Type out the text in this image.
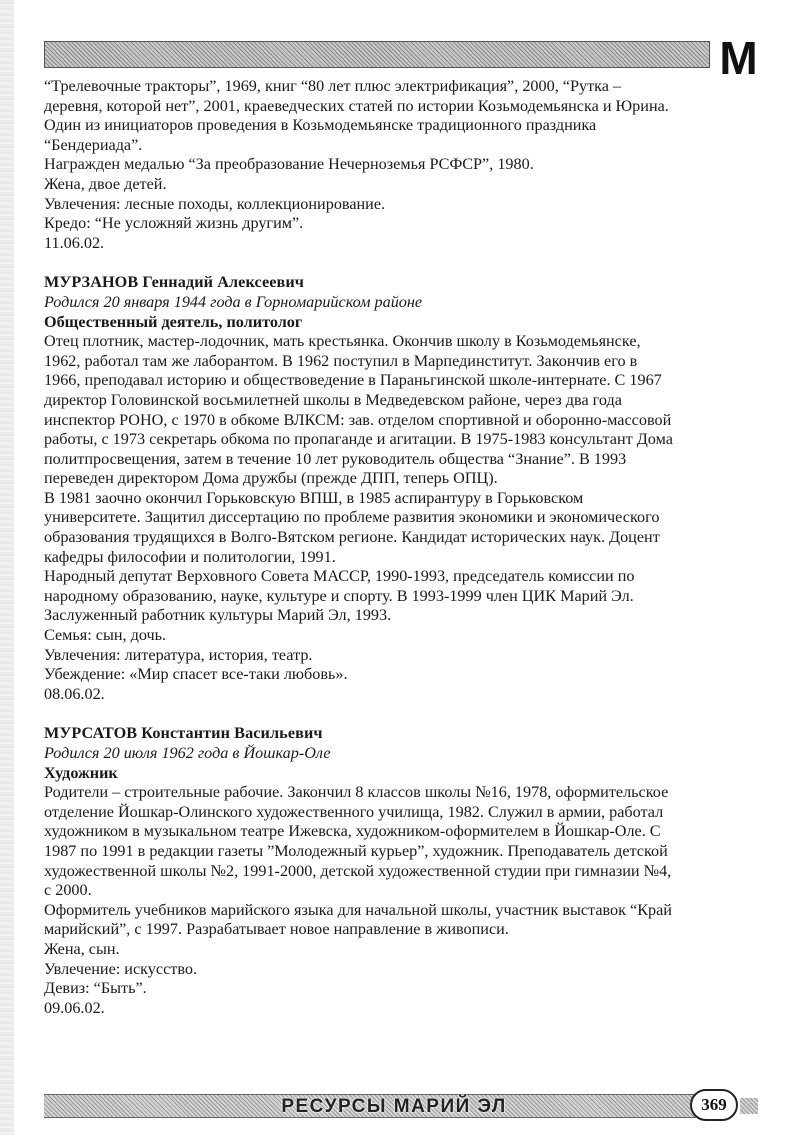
М

“Трелевочные тракторы”, 1969, книг “80 лет плюс электрификация”, 2000, “Рутка –

деревня, которой нет”, 2001, краеведческих статей по истории Козьмодемьянска и Юрина.

Один из инициаторов проведения в Козьмодемьянске традиционного праздника

“Бендериада”.

Награжден медалью “За преобразование Нечерноземья РСФСР”, 1980.

Жена, двое детей.

Увлечения: лесные походы, коллекционирование.

Кредо: “Не усложняй жизнь другим”.

11.06.02.

МУРЗАНОВ Геннадий Алексеевич

Родился 20 января 1944 года в Горномарийском районе

Общественный деятель, политолог

Отец плотник, мастер-лодочник, мать крестьянка. Окончив школу в Козьмодемьянске,

1962, работал там же лаборантом. В 1962 поступил в Марпединститут. Закончив его в

1966, преподавал историю и обществоведение в Параньгинской школе-интернате. С 1967

директор Головинской восьмилетней школы в Медведевском районе, через два года

инспектор РОНО, с 1970 в обкоме ВЛКСМ: зав. отделом спортивной и оборонно-массовой

работы, с 1973 секретарь обкома по пропаганде и агитации. В 1975-1983 консультант Дома

политпросвещения, затем в течение 10 лет руководитель общества “Знание”. В 1993

переведен директором Дома дружбы (прежде ДПП, теперь ОПЦ).

В 1981 заочно окончил Горьковскую ВПШ, в 1985 аспирантуру в Горьковском

университете. Защитил диссертацию по проблеме развития экономики и экономического

образования трудящихся в Волго-Вятском регионе. Кандидат исторических наук. Доцент

кафедры философии и политологии, 1991.

Народный депутат Верховного Совета МАССР, 1990-1993, председатель комиссии по

народному образованию, науке, культуре и спорту. В 1993-1999 член ЦИК Марий Эл.

Заслуженный работник культуры Марий Эл, 1993.

Семья: сын, дочь.

Увлечения: литература, история, театр.

Убеждение: «Мир спасет все-таки любовь».

08.06.02.

МУРСАТОВ Константин Васильевич

Родился 20 июля 1962 года в Йошкар-Оле

Художник

Родители – строительные рабочие. Закончил 8 классов школы №16, 1978, оформительское

отделение Йошкар-Олинского художественного училища, 1982. Служил в армии, работал

художником в музыкальном театре Ижевска, художником-оформителем в Йошкар-Оле. С

1987 по 1991 в редакции газеты ”Молодежный курьер”, художник. Преподаватель детской

художественной школы №2, 1991-2000, детской художественной студии при гимназии №4,

с 2000.

Оформитель учебников марийского языка для начальной школы, участник выставок “Край

марийский”, с 1997. Разрабатывает новое направление в живописи.

Жена, сын.

Увлечение: искусство.

Девиз: “Быть”.

09.06.02.

РЕСУРСЫ МАРИЙ ЭЛ	369
